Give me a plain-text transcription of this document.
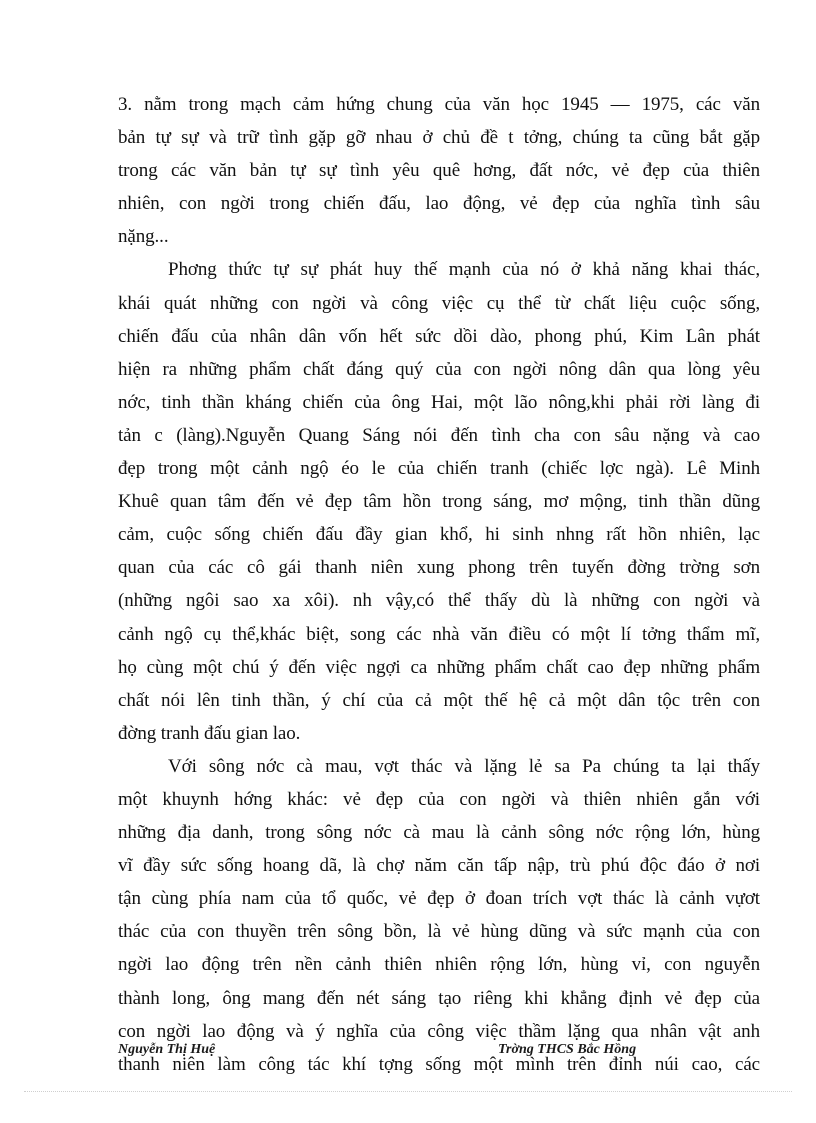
3. nằm trong mạch cảm hứng chung của văn học 1945 — 1975, các văn
bản tự sự và trữ tình gặp gỡ nhau ở chủ đề t tởng, chúng ta cũng bắt gặp
trong các văn bản tự sự tình yêu quê hơng, đất nớc, vẻ đẹp của thiên
nhiên, con ngời trong chiến đấu, lao động, vẻ đẹp của nghĩa tình sâu
nặng...
Phơng thức tự sự phát huy thế mạnh của nó ở khả năng khai thác,
khái quát những con ngời và công việc cụ thể từ chất liệu cuộc sống,
chiến đấu của nhân dân vốn hết sức dồi dào, phong phú, Kim Lân phát
hiện ra những phẩm chất đáng quý của con ngời nông dân qua lòng yêu
nớc, tinh thần kháng chiến của ông Hai, một lão nông,khi phải rời làng đi
tản c (làng).Nguyễn Quang Sáng nói đến tình cha con sâu nặng và cao
đẹp trong một cảnh ngộ éo le của chiến tranh (chiếc lợc ngà). Lê Minh
Khuê quan tâm đến vẻ đẹp tâm hồn trong sáng, mơ mộng, tinh thần dũng
cảm, cuộc sống chiến đấu đầy gian khổ, hi sinh nhng rất hồn nhiên, lạc
quan của các cô gái thanh niên xung phong trên tuyến đờng trờng sơn
(những ngôi sao xa xôi). nh vậy,có thể thấy dù là những con ngời và
cảnh ngộ cụ thể,khác biệt, song các nhà văn điều có một lí tởng thẩm mĩ,
họ cùng một chú ý đến việc ngợi ca những phẩm chất cao đẹp những phẩm
chất nói lên tinh thần, ý chí của cả một thế hệ cả một dân tộc trên con
đờng tranh đấu gian lao.
Với sông nớc cà mau, vợt thác và lặng lẻ sa Pa chúng ta lại thấy
một khuynh hớng khác: vẻ đẹp của con ngời và thiên nhiên gắn với
những địa danh, trong sông nớc cà mau là cảnh sông nớc rộng lớn, hùng
vĩ đầy sức sống hoang dã, là chợ năm căn tấp nập, trù phú độc đáo ở nơi
tận cùng phía nam của tổ quốc, vẻ đẹp ở đoan trích vợt thác là cảnh vựơt
thác của con thuyền trên sông bồn, là vẻ hùng dũng và sức mạnh của con
ngời lao động trên nền cảnh thiên nhiên rộng lớn, hùng vỉ, con nguyễn
thành long, ông mang đến nét sáng tạo riêng khi khẳng định vẻ đẹp của
con ngời lao động và ý nghĩa của công việc thầm lặng qua nhân vật anh
thanh niên làm công tác khí tợng sống một mình trên đỉnh núi cao, các
Nguyễn Thị Huệ	Trờng THCS Bắc Hồng
